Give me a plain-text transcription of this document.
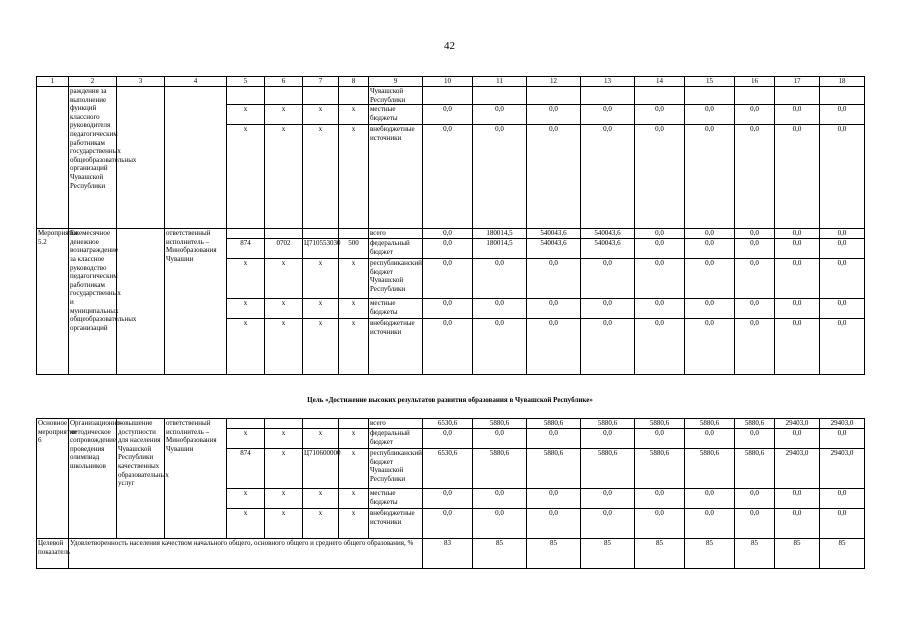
42
1	2	3	4	5	6	7	8	9	10	11	12	13	14	15	16	17	18
	раждения за выполнение функций классного руководителя педагогическим работникам государственных общеобразовательных организаций Чувашской Республики							Чувашской Республики									
				x	x	x	x	местные бюджеты	0,0	0,0	0,0	0,0	0,0	0,0	0,0	0,0	0,0
				x	x	x	x	внебюджетные источники	0,0	0,0	0,0	0,0	0,0	0,0	0,0	0,0	0,0
Мероприятие 5.2	Ежемесячное денежное вознаграждение за классное руководство педагогическим работникам государственных и муниципальных общеобразовательных организаций		ответственный исполнитель – Минобразования Чувашии					всего	0,0	180014,5	540043,6	540043,6	0,0	0,0	0,0	0,0	0,0
				874	0702	Ц710553030	500	федеральный бюджет	0,0	180014,5	540043,6	540043,6	0,0	0,0	0,0	0,0	0,0
				x	x	x	x	республиканский бюджет Чувашской Республики	0,0	0,0	0,0	0,0	0,0	0,0	0,0	0,0	0,0
				x	x	x	x	местные бюджеты	0,0	0,0	0,0	0,0	0,0	0,0	0,0	0,0	0,0
				x	x	x	x	внебюджетные источники	0,0	0,0	0,0	0,0	0,0	0,0	0,0	0,0	0,0
Цель «Достижение высоких результатов развития образования в Чувашской Республике»
Основное мероприятие 6	Организационно-методическое сопровождение проведения олимпиад школьников	повышение доступности для населения Чувашской Республики качественных образовательных услуг	ответственный исполнитель – Минобразования Чувашии					всего	6530,6	5880,6	5880,6	5880,6	5880,6	5880,6	5880,6	29403,0	29403,0
				x	x	x	x	федеральный бюджет	0,0	0,0	0,0	0,0	0,0	0,0	0,0	0,0	0,0
				874	x	Ц710600000	x	республиканский бюджет Чувашской Республики	6530,6	5880,6	5880,6	5880,6	5880,6	5880,6	5880,6	29403,0	29403,0
				x	x	x	x	местные бюджеты	0,0	0,0	0,0	0,0	0,0	0,0	0,0	0,0	0,0
				x	x	x	x	внебюджетные источники	0,0	0,0	0,0	0,0	0,0	0,0	0,0	0,0	0,0
Целевой показатель	Удовлетворенность населения качеством начального общего, основного общего и среднего общего образования, %								83	85	85	85	85	85	85	85	85
